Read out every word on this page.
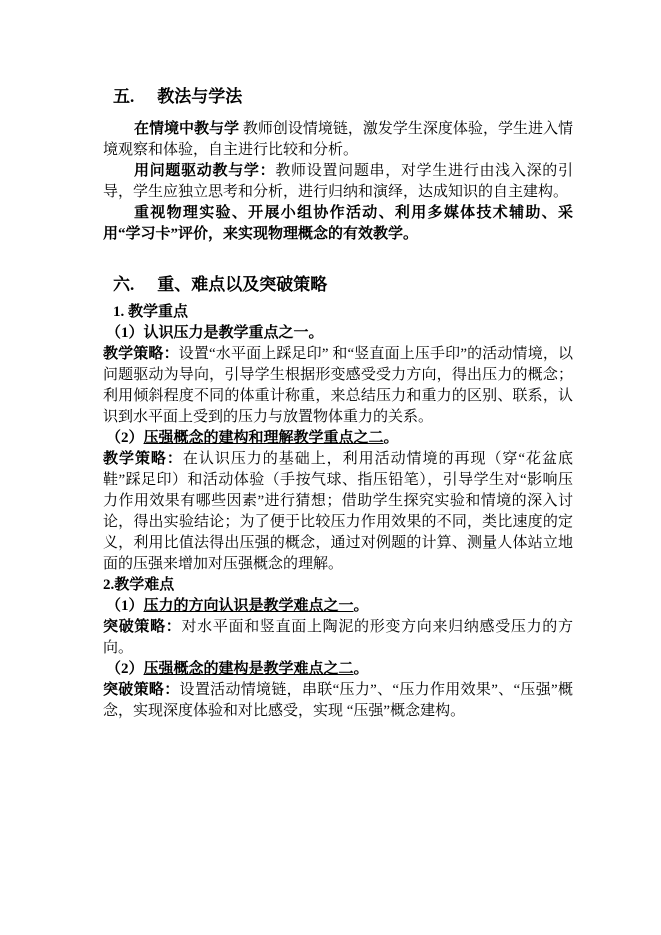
五. 教法与学法

在情境中教与学 教师创设情境链，激发学生深度体验，学生进入情境观察和体验，自主进行比较和分析。

用问题驱动教与学：教师设置问题串，对学生进行由浅入深的引导，学生应独立思考和分析，进行归纳和演绎，达成知识的自主建构。

重视物理实验、开展小组协作活动、利用多媒体技术辅助、采用“学习卡”评价，来实现物理概念的有效教学。

六. 重、难点以及突破策略

1. 教学重点

（1）认识压力是教学重点之一。

教学策略：设置“水平面上踩足印” 和“竖直面上压手印”的活动情境，以问题驱动为导向，引导学生根据形变感受受力方向，得出压力的概念；利用倾斜程度不同的体重计称重，来总结压力和重力的区别、联系，认识到水平面上受到的压力与放置物体重力的关系。

（2）压强概念的建构和理解教学重点之二。

教学策略：在认识压力的基础上，利用活动情境的再现（穿“花盆底鞋”踩足印）和活动体验（手按气球、指压铅笔），引导学生对“影响压力作用效果有哪些因素”进行猜想；借助学生探究实验和情境的深入讨论，得出实验结论；为了便于比较压力作用效果的不同，类比速度的定义，利用比值法得出压强的概念，通过对例题的计算、测量人体站立地面的压强来增加对压强概念的理解。

2.教学难点

（1）压力的方向认识是教学难点之一。

突破策略：对水平面和竖直面上陶泥的形变方向来归纳感受压力的方向。

（2）压强概念的建构是教学难点之二。

突破策略：设置活动情境链，串联“压力”、“压力作用效果”、“压强”概念，实现深度体验和对比感受，实现 “压强”概念建构。
